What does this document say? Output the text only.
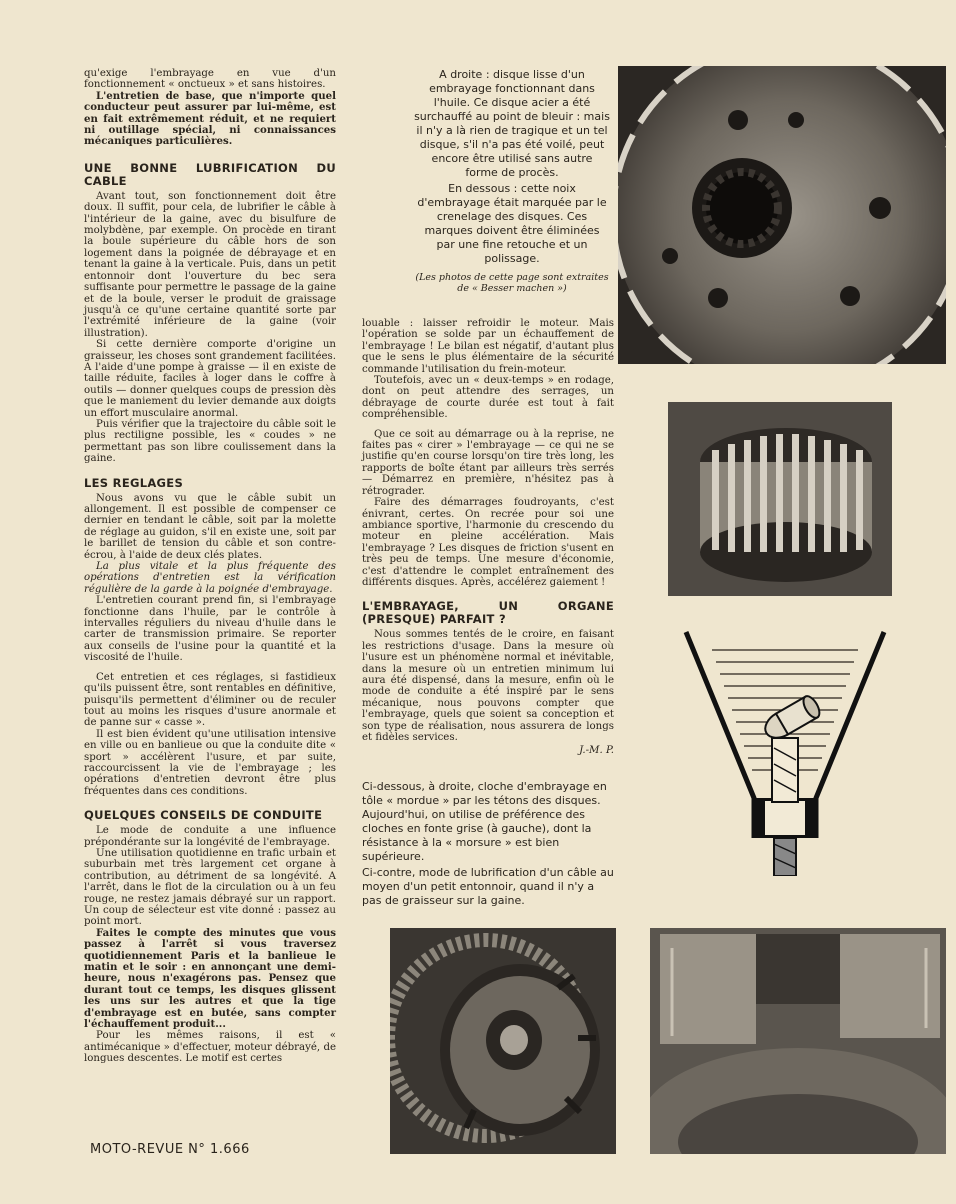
qu'exige l'embrayage en vue d'un fonctionnement « onctueux » et sans histoires.

L'entretien de base, que n'importe quel conducteur peut assurer par lui-même, est en fait extrêmement réduit, et ne requiert ni outillage spécial, ni connaissances mécaniques particulières.

UNE BONNE LUBRIFICATION DU CABLE

Avant tout, son fonctionnement doit être doux. Il suffit, pour cela, de lubrifier le câble à l'intérieur de la gaine, avec du bisulfure de molybdène, par exemple. On procède en tirant la boule supérieure du câble hors de son logement dans la poignée de débrayage et en tenant la gaine à la verticale. Puis, dans un petit entonnoir dont l'ouverture du bec sera suffisante pour permettre le passage de la gaine et de la boule, verser le produit de graissage jusqu'à ce qu'une certaine quantité sorte par l'extrémité inférieure de la gaine (voir illustration).

Si cette dernière comporte d'origine un graisseur, les choses sont grandement facilitées. A l'aide d'une pompe à graisse — il en existe de taille réduite, faciles à loger dans le coffre à outils — donner quelques coups de pression dès que le maniement du levier demande aux doigts un effort musculaire anormal.

Puis vérifier que la trajectoire du câble soit le plus rectiligne possible, les « coudes » ne permettant pas son libre coulissement dans la gaine.

LES REGLAGES

Nous avons vu que le câble subit un allongement. Il est possible de compenser ce dernier en tendant le câble, soit par la molette de réglage au guidon, s'il en existe une, soit par le barillet de tension du câble et son contre-écrou, à l'aide de deux clés plates.

La plus vitale et la plus fréquente des opérations d'entretien est la vérification régulière de la garde à la poignée d'embrayage.

L'entretien courant prend fin, si l'embrayage fonctionne dans l'huile, par le contrôle à intervalles réguliers du niveau d'huile dans le carter de transmission primaire. Se reporter aux conseils de l'usine pour la quantité et la viscosité de l'huile.

Cet entretien et ces réglages, si fastidieux qu'ils puissent être, sont rentables en définitive, puisqu'ils permettent d'éliminer ou de reculer tout au moins les risques d'usure anormale et de panne sur « casse ».

Il est bien évident qu'une utilisation intensive en ville ou en banlieue ou que la conduite dite « sport » accélèrent l'usure, et par suite, raccourcissent la vie de l'embrayage ; les opérations d'entretien devront être plus fréquentes dans ces conditions.

QUELQUES CONSEILS DE CONDUITE

Le mode de conduite a une influence prépondérante sur la longévité de l'embrayage.

Une utilisation quotidienne en trafic urbain et suburbain met très largement cet organe à contribution, au détriment de sa longévité. A l'arrêt, dans le flot de la circulation ou à un feu rouge, ne restez jamais débrayé sur un rapport. Un coup de sélecteur est vite donné : passez au point mort.

Faites le compte des minutes que vous passez à l'arrêt si vous traversez quotidiennement Paris et la banlieue le matin et le soir : en annonçant une demi-heure, nous n'exagérons pas. Pensez que durant tout ce temps, les disques glissent les uns sur les autres et que la tige d'embrayage est en butée, sans compter l'échauffement produit...

Pour les mêmes raisons, il est « antimécanique » d'effectuer, moteur débrayé, de longues descentes. Le motif est certes

A droite : disque lisse d'un embrayage fonctionnant dans l'huile. Ce disque acier a été surchauffé au point de bleuir : mais il n'y a là rien de tragique et un tel disque, s'il n'a pas été voilé, peut encore être utilisé sans autre forme de procès.
En dessous : cette noix d'embrayage était marquée par le crenelage des disques. Ces marques doivent être éliminées par une fine retouche et un polissage.
(Les photos de cette page sont extraites de « Besser machen »)

louable : laisser refroidir le moteur. Mais l'opération se solde par un échauffement de l'embrayage ! Le bilan est négatif, d'autant plus que le sens le plus élémentaire de la sécurité commande l'utilisation du frein-moteur.

Toutefois, avec un « deux-temps » en rodage, dont on peut attendre des serrages, un débrayage de courte durée est tout à fait compréhensible.

Que ce soit au démarrage ou à la reprise, ne faites pas « cirer » l'embrayage — ce qui ne se justifie qu'en course lorsqu'on tire très long, les rapports de boîte étant par ailleurs très serrés — Démarrez en première, n'hésitez pas à rétrograder.

Faire des démarrages foudroyants, c'est énivrant, certes. On recrée pour soi une ambiance sportive, l'harmonie du crescendo du moteur en pleine accélération. Mais l'embrayage ? Les disques de friction s'usent en très peu de temps. Une mesure d'économie, c'est d'attendre le complet entraînement des différents disques. Après, accélérez gaiement !

L'EMBRAYAGE, UN ORGANE (PRESQUE) PARFAIT ?

Nous sommes tentés de le croire, en faisant les restrictions d'usage. Dans la mesure où l'usure est un phénomène normal et inévitable, dans la mesure où un entretien minimum lui aura été dispensé, dans la mesure, enfin où le mode de conduite a été inspiré par le sens mécanique, nous pouvons compter que l'embrayage, quels que soient sa conception et son type de réalisation, nous assurera de longs et fidèles services.

J.-M. P.
Ci-dessous, à droite, cloche d'embrayage en tôle « mordue » par les tétons des disques. Aujourd'hui, on utilise de préférence des cloches en fonte grise (à gauche), dont la résistance à la « morsure » est bien supérieure.
Ci-contre, mode de lubrification d'un câble au moyen d'un petit entonnoir, quand il n'y a pas de graisseur sur la gaine.
MOTO-REVUE N° 1.666
